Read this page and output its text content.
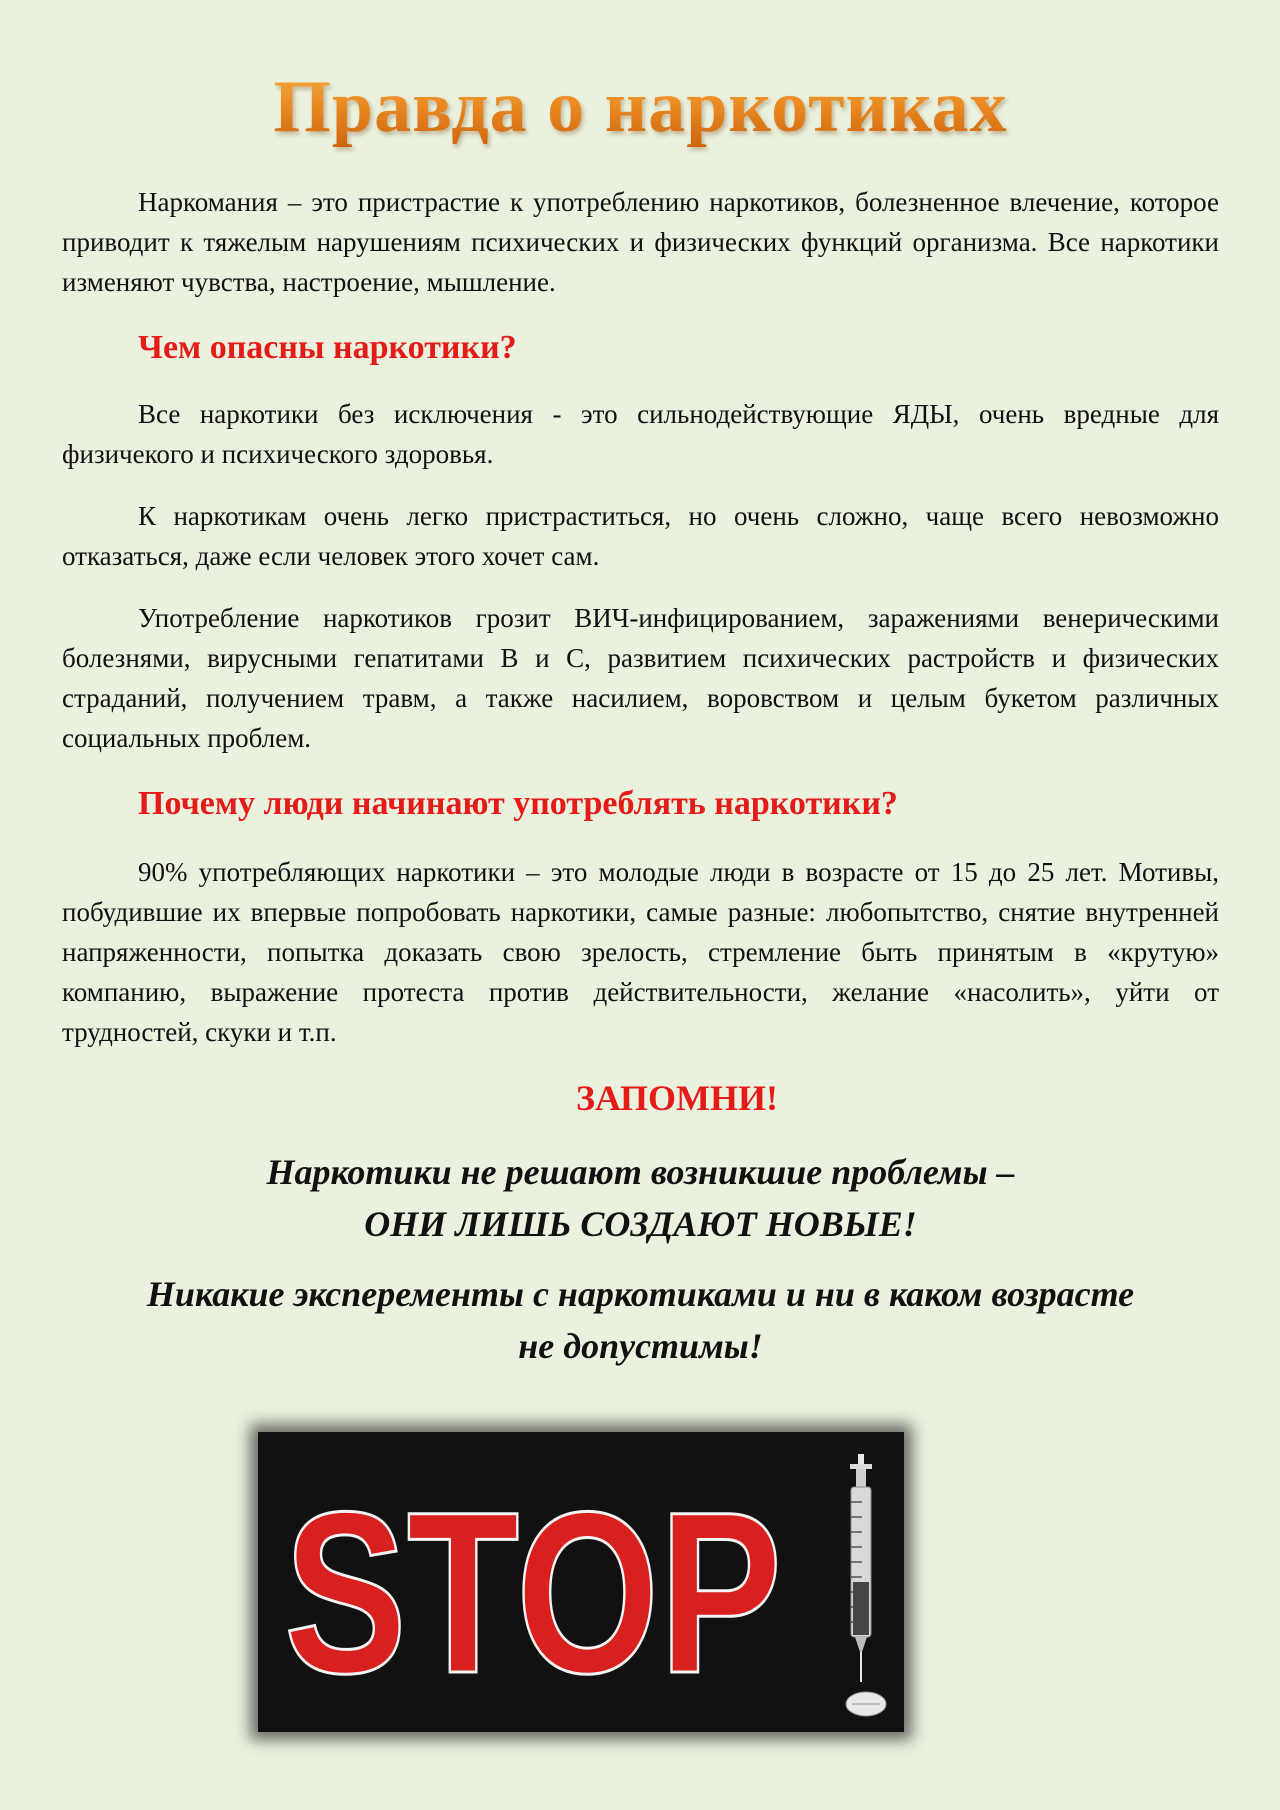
Правда о наркотиках

Наркомания – это пристрастие к употреблению наркотиков, болезненное влечение, которое приводит к тяжелым нарушениям психических и физических функций организма. Все наркотики изменяют чувства, настроение, мышление.

Чем опасны наркотики?

Все наркотики без исключения - это сильнодействующие ЯДЫ, очень вредные для физичекого и психического здоровья.

К наркотикам очень легко пристраститься, но очень сложно, чаще всего невозможно отказаться, даже если человек этого хочет сам.

Употребление наркотиков грозит ВИЧ-инфицированием, заражениями венерическими болезнями, вирусными гепатитами В и С, развитием психических растройств и физических страданий, получением травм, а также насилием, воровством и целым букетом различных социальных проблем.

Почему люди начинают употреблять наркотики?

90% употребляющих наркотики – это молодые люди в возрасте от 15 до 25 лет. Мотивы, побудившие их впервые попробовать наркотики, самые разные: любопытство, снятие внутренней напряженности, попытка доказать свою зрелость, стремление быть принятым в «крутую» компанию, выражение протеста против действительности, желание «насолить», уйти от трудностей, скуки и т.п.

ЗАПОМНИ!

Наркотики не решают возникшие проблемы –
ОНИ ЛИШЬ СОЗДАЮТ НОВЫЕ!
Никакие эксперементы с наркотиками и ни в каком возрасте
не допустимы!
STOP
